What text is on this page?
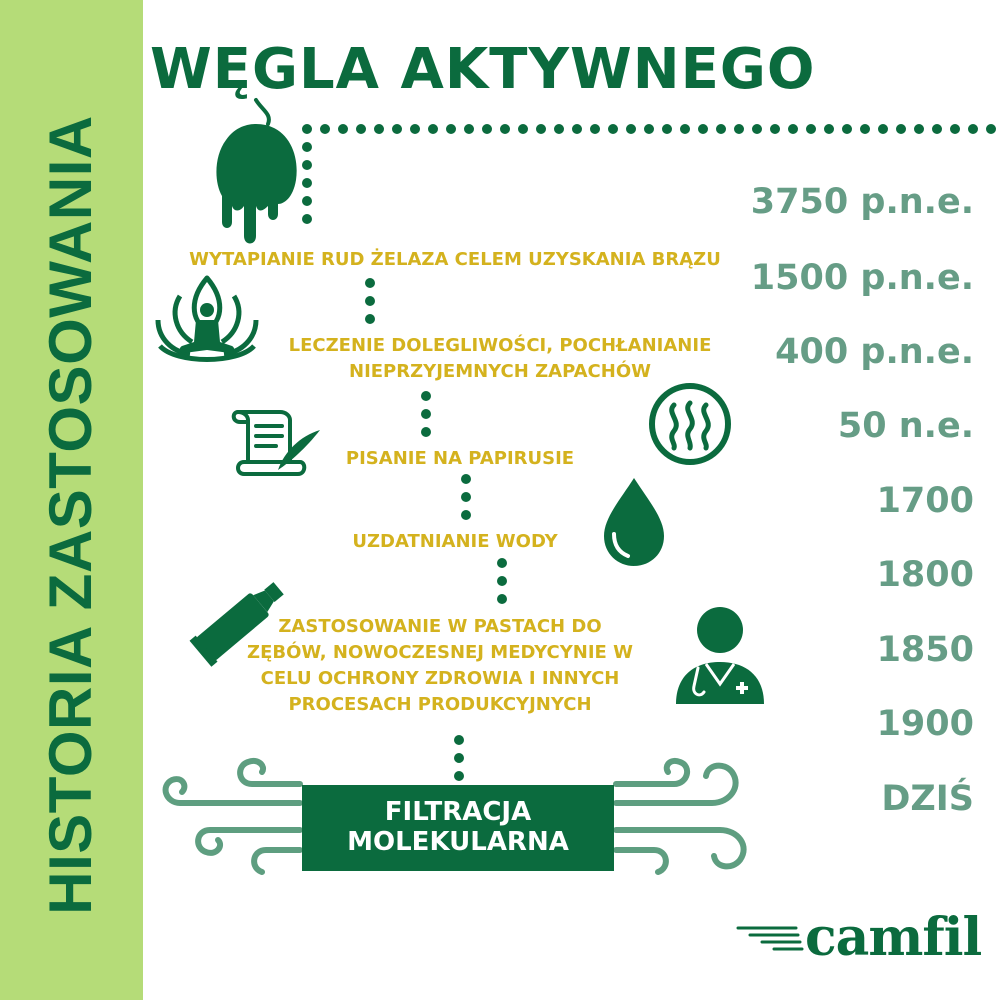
HISTORIA ZASTOSOWANIA
WĘGLA AKTYWNEGO
WYTAPIANIE RUD ŻELAZA CELEM UZYSKANIA BRĄZU
LECZENIE DOLEGLIWOŚCI, POCHŁANIANIE
NIEPRZYJEMNYCH ZAPACHÓW
PISANIE NA PAPIRUSIE
UZDATNIANIE WODY
ZASTOSOWANIE W PASTACH DO
ZĘBÓW, NOWOCZESNEJ MEDYCYNIE W
CELU OCHRONY ZDROWIA I INNYCH
PROCESACH PRODUKCYJNYCH
3750 p.n.e.
1500 p.n.e.
400 p.n.e.
50 n.e.
1700
1800
1850
1900
DZIŚ
FILTRACJA
MOLEKULARNA
camfil
